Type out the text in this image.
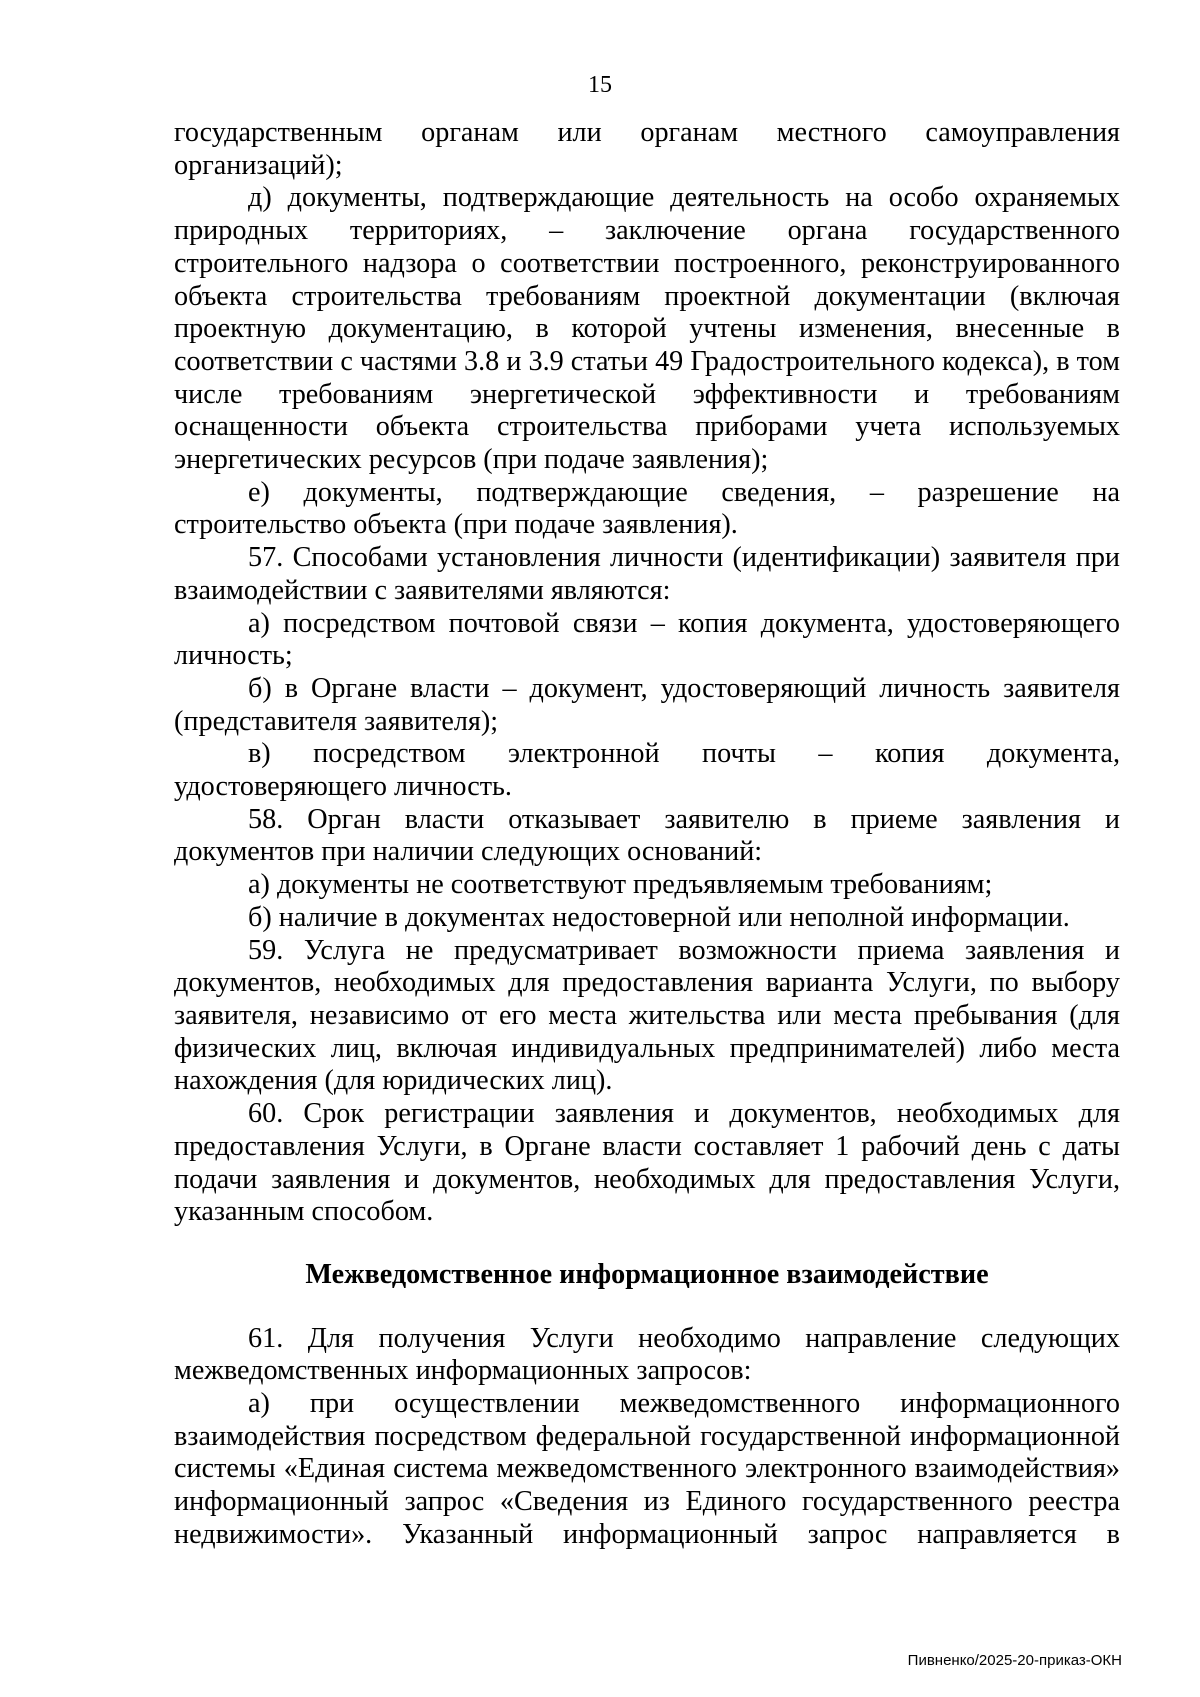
15

государственным органам или органам местного самоуправления организаций);

д) документы, подтверждающие деятельность на особо охраняемых природных территориях, – заключение органа государственного строительного надзора о соответствии построенного, реконструированного объекта строительства требованиям проектной документации (включая проектную документацию, в которой учтены изменения, внесенные в соответствии с частями 3.8 и 3.9 статьи 49 Градостроительного кодекса), в том числе требованиям энергетической эффективности и требованиям оснащенности объекта строительства приборами учета используемых энергетических ресурсов (при подаче заявления);

е) документы, подтверждающие сведения, – разрешение на строительство объекта (при подаче заявления).

57. Способами установления личности (идентификации) заявителя при взаимодействии с заявителями являются:

а) посредством почтовой связи – копия документа, удостоверяющего личность;

б) в Органе власти – документ, удостоверяющий личность заявителя (представителя заявителя);

в) посредством электронной почты – копия документа, удостоверяющего личность.

58. Орган власти отказывает заявителю в приеме заявления и документов при наличии следующих оснований:

а) документы не соответствуют предъявляемым требованиям;

б) наличие в документах недостоверной или неполной информации.

59. Услуга не предусматривает возможности приема заявления и документов, необходимых для предоставления варианта Услуги, по выбору заявителя, независимо от его места жительства или места пребывания (для физических лиц, включая индивидуальных предпринимателей) либо места нахождения (для юридических лиц).

60. Срок регистрации заявления и документов, необходимых для предоставления Услуги, в Органе власти составляет 1 рабочий день с даты подачи заявления и документов, необходимых для предоставления Услуги, указанным способом.

Межведомственное информационное взаимодействие

61. Для получения Услуги необходимо направление следующих межведомственных информационных запросов:

а) при осуществлении межведомственного информационного взаимодействия посредством федеральной государственной информационной системы «Единая система межведомственного электронного взаимодействия» информационный запрос «Сведения из Единого государственного реестра недвижимости». Указанный информационный запрос направляется в

Пивненко/2025-20-приказ-ОКН
